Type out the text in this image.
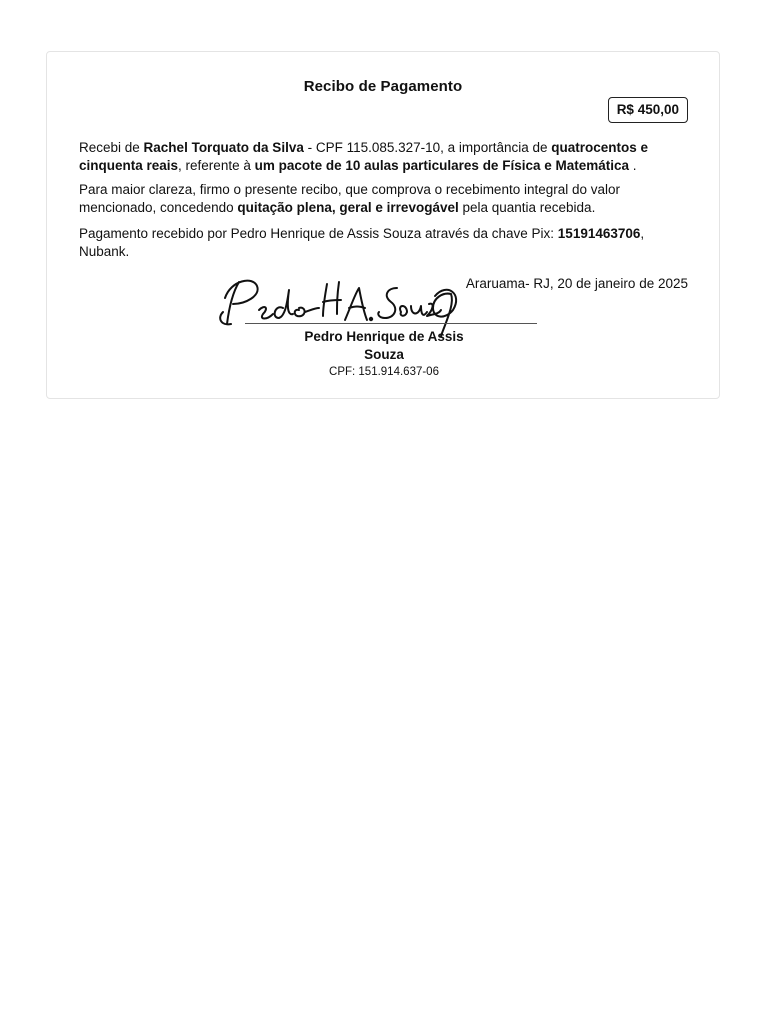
Recibo de Pagamento
R$ 450,00

Recebi de Rachel Torquato da Silva - CPF 115.085.327-10, a importância de quatrocentos e cinquenta reais, referente à um pacote de 10 aulas particulares de Física e Matemática .

Para maior clareza, firmo o presente recibo, que comprova o recebimento integral do valor mencionado, concedendo quitação plena, geral e irrevogável pela quantia recebida.

Pagamento recebido por Pedro Henrique de Assis Souza através da chave Pix: 15191463706, Nubank.

Araruama- RJ, 20 de janeiro de 2025
Pedro Henrique de Assis Souza
CPF: 151.914.637-06
